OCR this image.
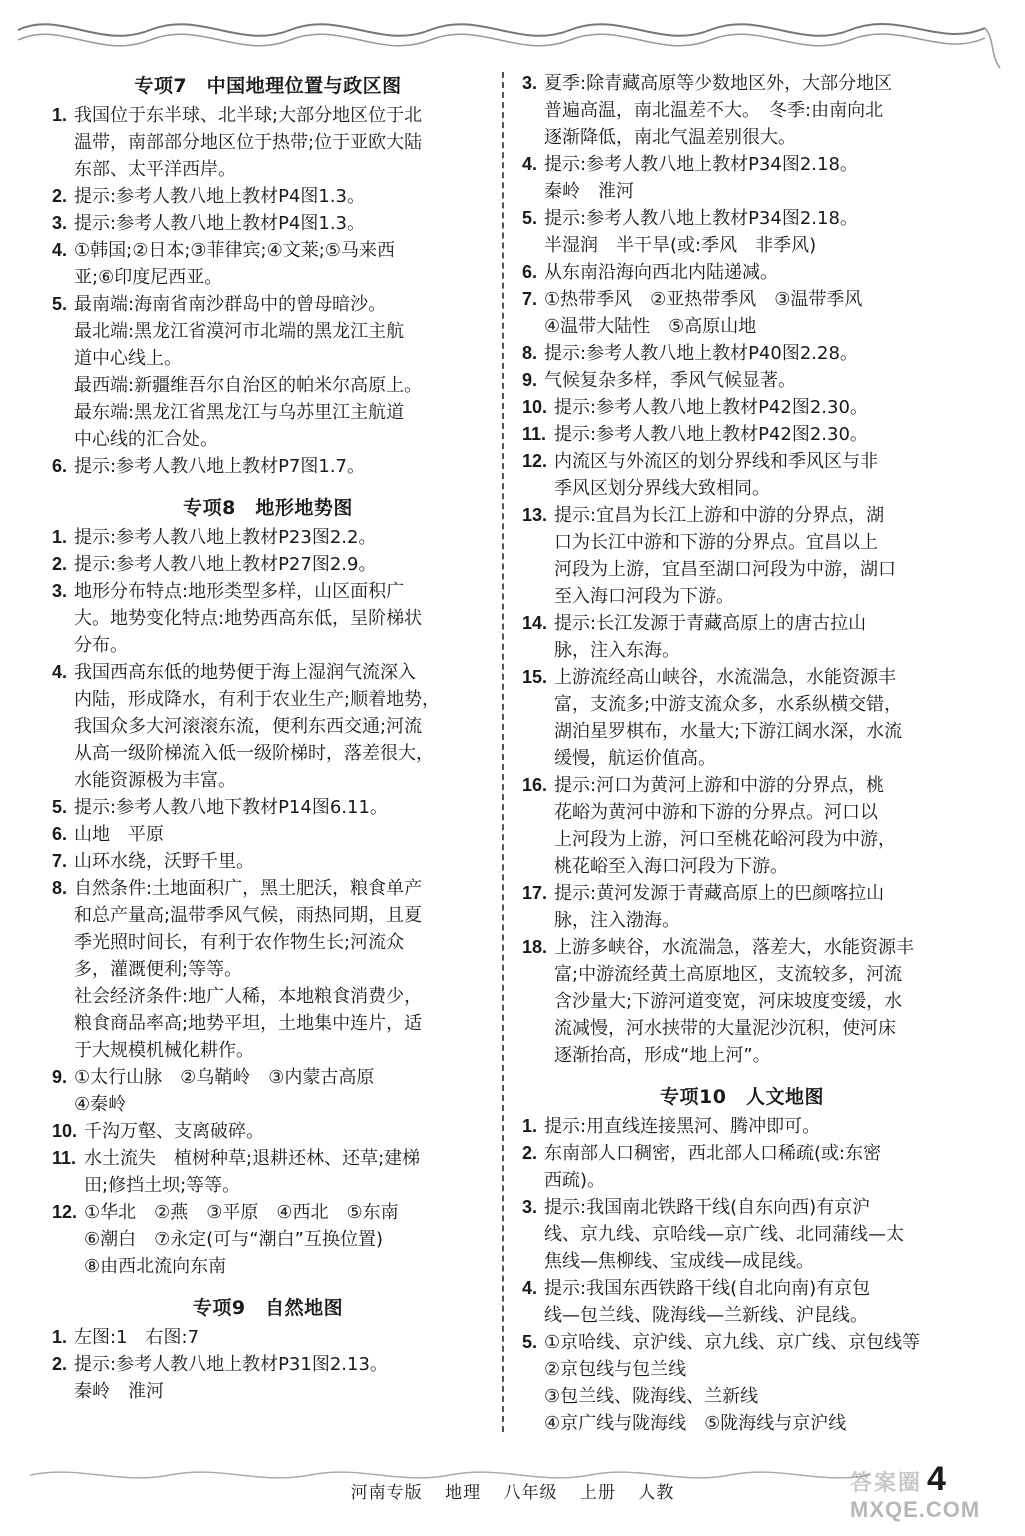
专项7　中国地理位置与政区图
1. 我国位于东半球、北半球;大部分地区位于北
温带，南部部分地区位于热带;位于亚欧大陆
东部、太平洋西岸。
2. 提示:参考人教八地上教材P4图1.3。
3. 提示:参考人教八地上教材P4图1.3。
4. ①韩国;②日本;③菲律宾;④文莱;⑤马来西
亚;⑥印度尼西亚。
5. 最南端:海南省南沙群岛中的曾母暗沙。
最北端:黑龙江省漠河市北端的黑龙江主航
道中心线上。
最西端:新疆维吾尔自治区的帕米尔高原上。
最东端:黑龙江省黑龙江与乌苏里江主航道
中心线的汇合处。
6. 提示:参考人教八地上教材P7图1.7。
专项8　地形地势图
1. 提示:参考人教八地上教材P23图2.2。
2. 提示:参考人教八地上教材P27图2.9。
3. 地形分布特点:地形类型多样，山区面积广
大。地势变化特点:地势西高东低，呈阶梯状
分布。
4. 我国西高东低的地势便于海上湿润气流深入
内陆，形成降水，有利于农业生产;顺着地势，
我国众多大河滚滚东流，便利东西交通;河流
从高一级阶梯流入低一级阶梯时，落差很大，
水能资源极为丰富。
5. 提示:参考人教八地下教材P14图6.11。
6. 山地　平原
7. 山环水绕，沃野千里。
8. 自然条件:土地面积广，黑土肥沃，粮食单产
和总产量高;温带季风气候，雨热同期，且夏
季光照时间长，有利于农作物生长;河流众
多，灌溉便利;等等。
社会经济条件:地广人稀，本地粮食消费少，
粮食商品率高;地势平坦，土地集中连片，适
于大规模机械化耕作。
9. ①太行山脉　②乌鞘岭　③内蒙古高原
④秦岭
10. 千沟万壑、支离破碎。
11. 水土流失　植树种草;退耕还林、还草;建梯
田;修挡土坝;等等。
12. ①华北　②燕　③平原　④西北　⑤东南
⑥潮白　⑦永定(可与“潮白”互换位置)
⑧由西北流向东南
专项9　自然地图
1. 左图:1　右图:7
2. 提示:参考人教八地上教材P31图2.13。
秦岭　淮河
3. 夏季:除青藏高原等少数地区外，大部分地区
普遍高温，南北温差不大。　冬季:由南向北
逐渐降低，南北气温差别很大。
4. 提示:参考人教八地上教材P34图2.18。
秦岭　淮河
5. 提示:参考人教八地上教材P34图2.18。
半湿润　半干旱(或:季风　非季风)
6. 从东南沿海向西北内陆递减。
7. ①热带季风　②亚热带季风　③温带季风
④温带大陆性　⑤高原山地
8. 提示:参考人教八地上教材P40图2.28。
9. 气候复杂多样，季风气候显著。
10. 提示:参考人教八地上教材P42图2.30。
11. 提示:参考人教八地上教材P42图2.30。
12. 内流区与外流区的划分界线和季风区与非
季风区划分界线大致相同。
13. 提示:宜昌为长江上游和中游的分界点，湖
口为长江中游和下游的分界点。宜昌以上
河段为上游，宜昌至湖口河段为中游，湖口
至入海口河段为下游。
14. 提示:长江发源于青藏高原上的唐古拉山
脉，注入东海。
15. 上游流经高山峡谷，水流湍急，水能资源丰
富，支流多;中游支流众多，水系纵横交错，
湖泊星罗棋布，水量大;下游江阔水深，水流
缓慢，航运价值高。
16. 提示:河口为黄河上游和中游的分界点，桃
花峪为黄河中游和下游的分界点。河口以
上河段为上游，河口至桃花峪河段为中游，
桃花峪至入海口河段为下游。
17. 提示:黄河发源于青藏高原上的巴颜喀拉山
脉，注入渤海。
18. 上游多峡谷，水流湍急，落差大，水能资源丰
富;中游流经黄土高原地区，支流较多，河流
含沙量大;下游河道变宽，河床坡度变缓，水
流减慢，河水挟带的大量泥沙沉积，使河床
逐渐抬高，形成“地上河”。
专项10　人文地图
1. 提示:用直线连接黑河、腾冲即可。
2. 东南部人口稠密，西北部人口稀疏(或:东密
西疏)。
3. 提示:我国南北铁路干线(自东向西)有京沪
线、京九线、京哈线—京广线、北同蒲线—太
焦线—焦柳线、宝成线—成昆线。
4. 提示:我国东西铁路干线(自北向南)有京包
线—包兰线、陇海线—兰新线、沪昆线。
5. ①京哈线、京沪线、京九线、京广线、京包线等
②京包线与包兰线
③包兰线、陇海线、兰新线
④京广线与陇海线　⑤陇海线与京沪线
河南专版 地理 八年级 上册 人教	4
答案圈
MXQE.COM
